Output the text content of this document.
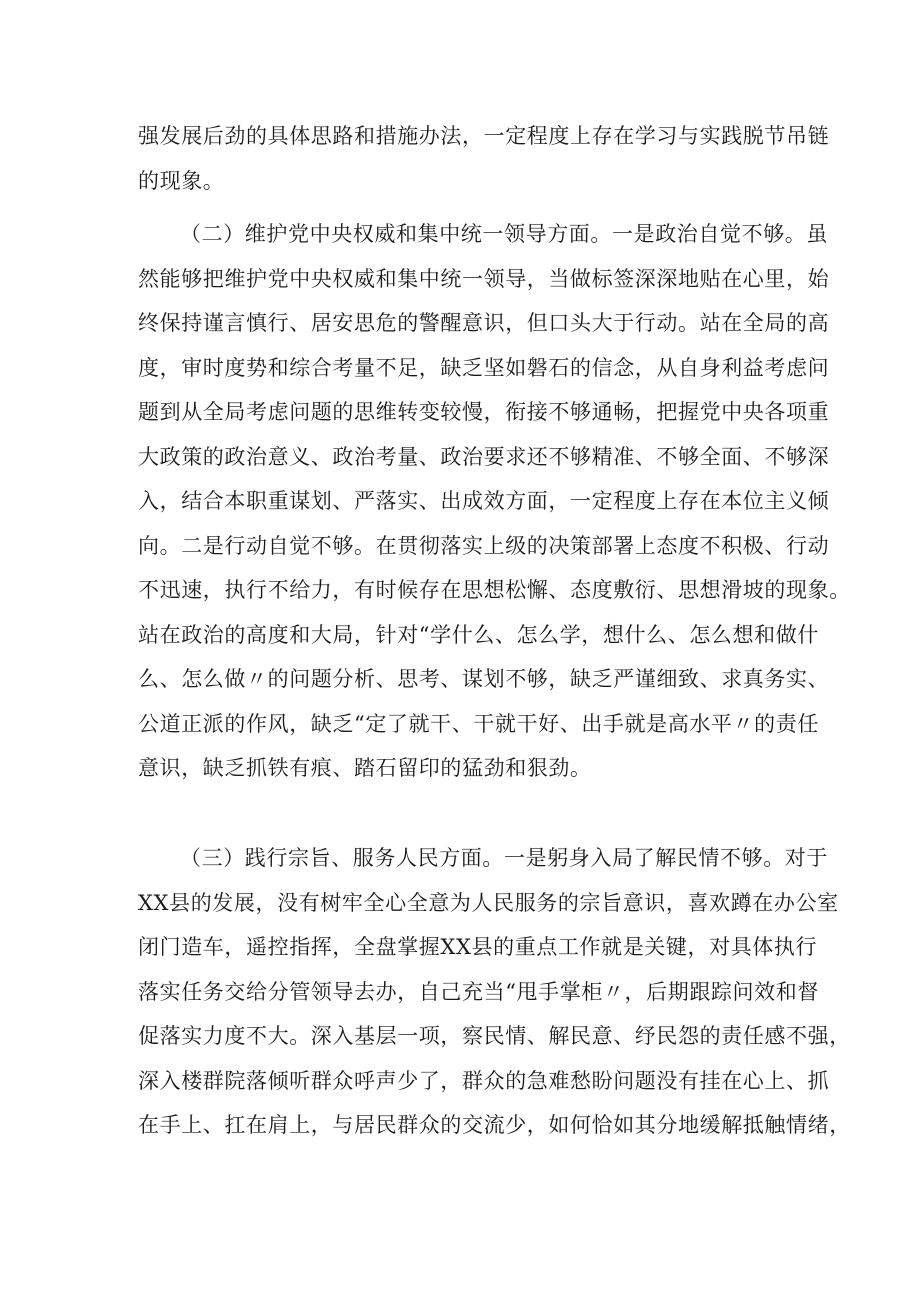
强发展后劲的具体思路和措施办法，一定程度上存在学习与实践脱节吊链
的现象。
（二）维护党中央权威和集中统一领导方面。一是政治自觉不够。虽
然能够把维护党中央权威和集中统一领导，当做标签深深地贴在心里，始
终保持谨言慎行、居安思危的警醒意识，但口头大于行动。站在全局的高
度，审时度势和综合考量不足，缺乏坚如磐石的信念，从自身利益考虑问
题到从全局考虑问题的思维转变较慢，衔接不够通畅，把握党中央各项重
大政策的政治意义、政治考量、政治要求还不够精准、不够全面、不够深
入，结合本职重谋划、严落实、出成效方面，一定程度上存在本位主义倾
向。二是行动自觉不够。在贯彻落实上级的决策部署上态度不积极、行动
不迅速，执行不给力，有时候存在思想松懈、态度敷衍、思想滑坡的现象。
站在政治的高度和大局，针对“学什么、怎么学，想什么、怎么想和做什
么、怎么做〃的问题分析、思考、谋划不够，缺乏严谨细致、求真务实、
公道正派的作风，缺乏“定了就干、干就干好、出手就是高水平〃的责任
意识，缺乏抓铁有痕、踏石留印的猛劲和狠劲。
（三）践行宗旨、服务人民方面。一是躬身入局了解民情不够。对于
XX县的发展，没有树牢全心全意为人民服务的宗旨意识，喜欢蹲在办公室
闭门造车，遥控指挥，全盘掌握XX县的重点工作就是关键，对具体执行
落实任务交给分管领导去办，自己充当“甩手掌柜〃，后期跟踪问效和督
促落实力度不大。深入基层一项，察民情、解民意、纾民怨的责任感不强，
深入楼群院落倾听群众呼声少了，群众的急难愁盼问题没有挂在心上、抓
在手上、扛在肩上，与居民群众的交流少，如何恰如其分地缓解抵触情绪，
